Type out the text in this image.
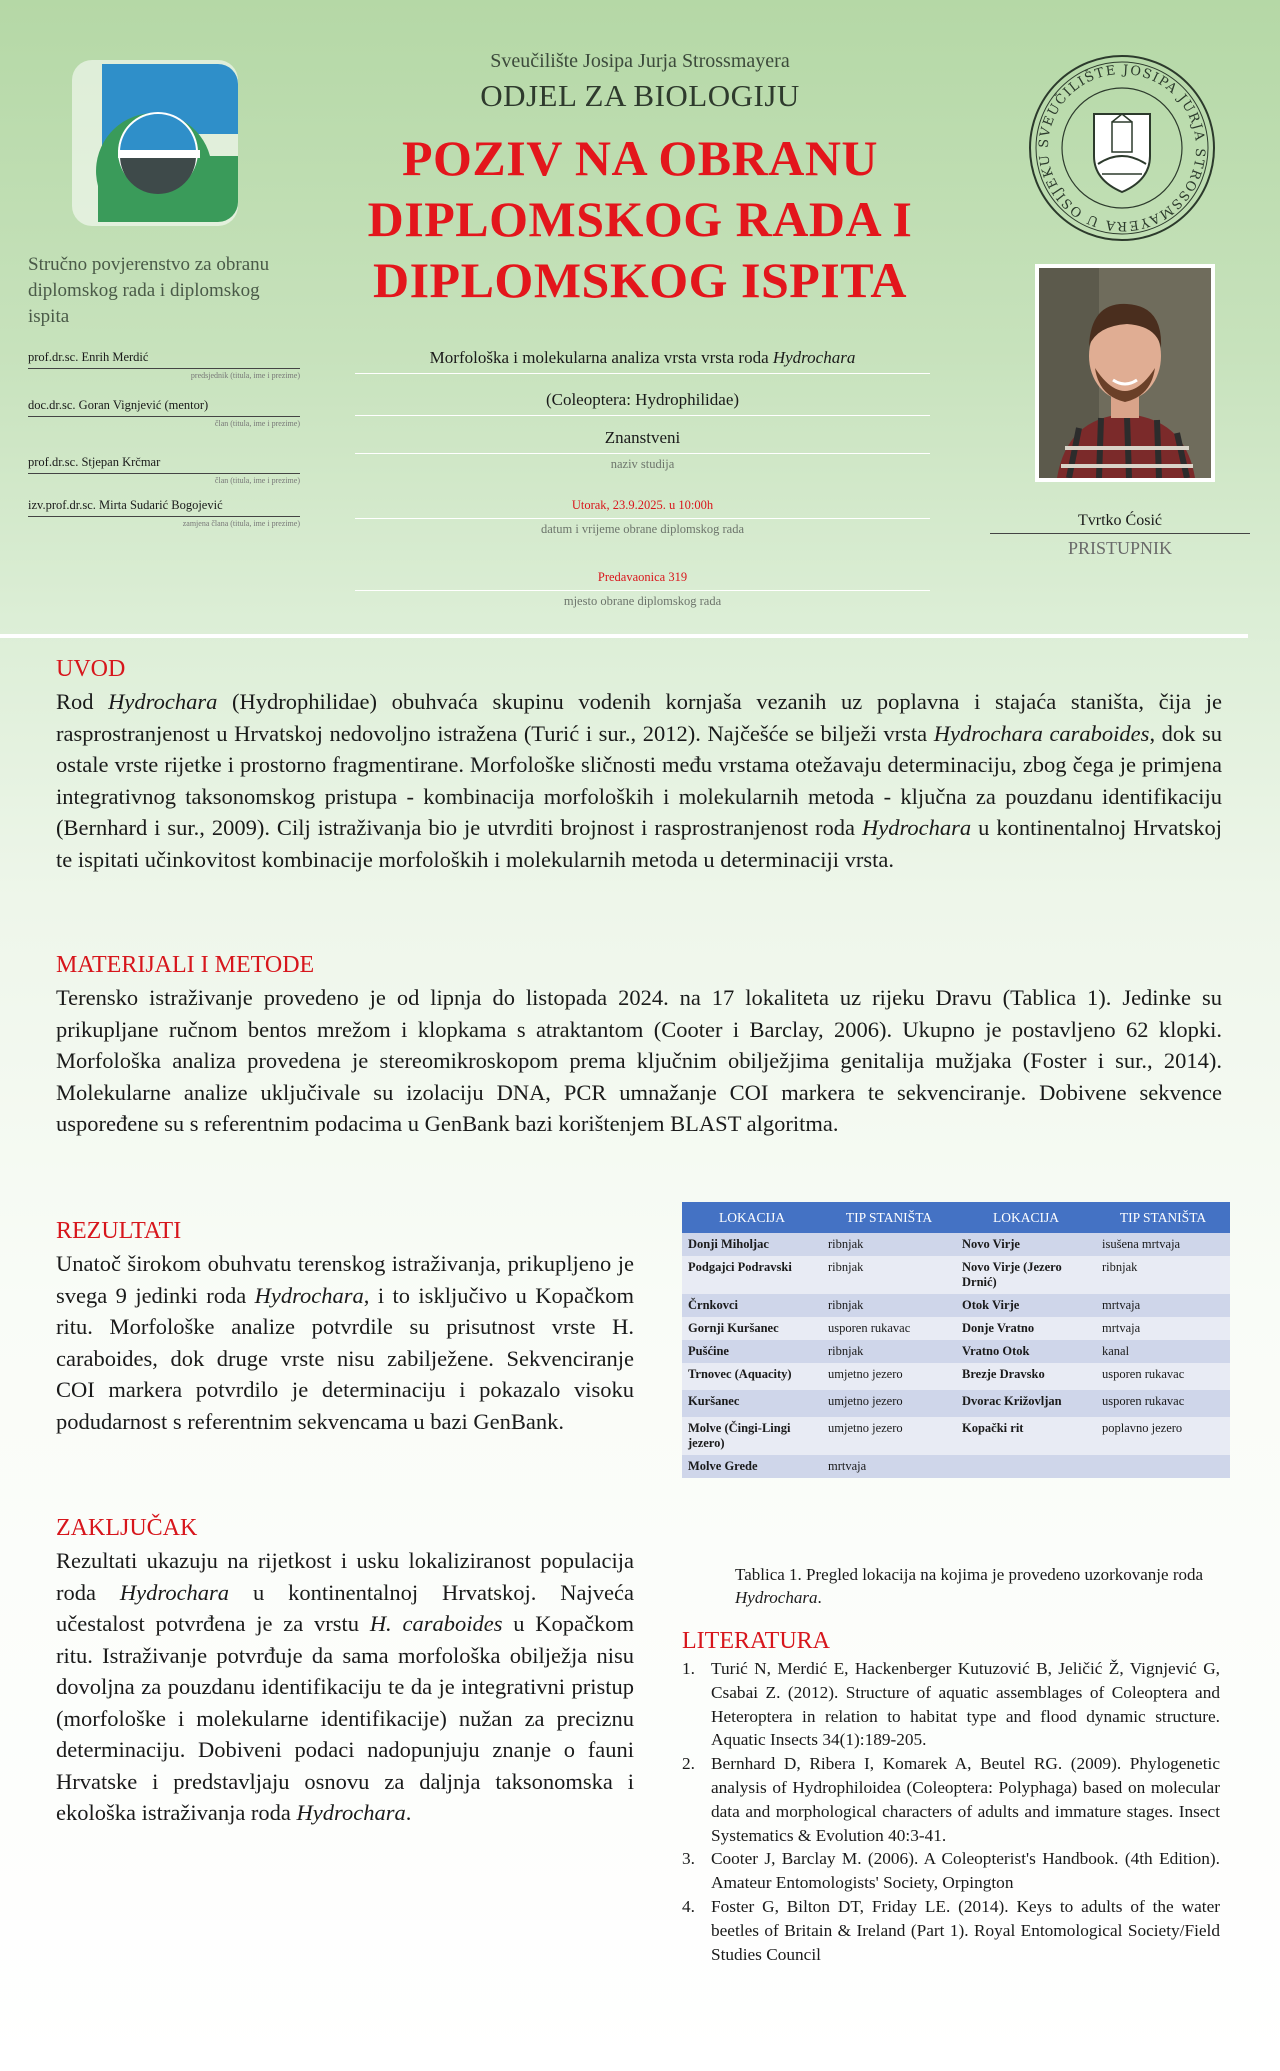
Stručno povjerenstvo za obranu diplomskog rada i diplomskog ispita
prof.dr.sc. Enrih Merdić
predsjednik (titula, ime i prezime)
doc.dr.sc. Goran Vignjević (mentor)
član (titula, ime i prezime)
prof.dr.sc. Stjepan Krčmar
član (titula, ime i prezime)
izv.prof.dr.sc. Mirta Sudarić Bogojević
zamjena člana (titula, ime i prezime)
Sveučilište Josipa Jurja Strossmayera
ODJEL ZA BIOLOGIJU
POZIV NA OBRANU
DIPLOMSKOG RADA I
DIPLOMSKOG ISPITA
Morfološka i molekularna analiza vrsta vrsta roda Hydrochara
(Coleoptera: Hydrophilidae)
Znanstveni
naziv studija
Utorak, 23.9.2025. u 10:00h
datum i vrijeme obrane diplomskog rada
Predavaonica 319
mjesto obrane diplomskog rada
SVEUČILIŠTE JOSIPA JURJA STROSSMAYERA U OSIJEKU
Tvrtko Ćosić
PRISTUPNIK
UVOD
Rod Hydrochara (Hydrophilidae) obuhvaća skupinu vodenih kornjaša vezanih uz poplavna i stajaća staništa, čija je rasprostranjenost u Hrvatskoj nedovoljno istražena (Turić i sur., 2012). Najčešće se bilježi vrsta Hydrochara caraboides, dok su ostale vrste rijetke i prostorno fragmentirane. Morfološke sličnosti među vrstama otežavaju determinaciju, zbog čega je primjena integrativnog taksonomskog pristupa - kombinacija morfoloških i molekularnih metoda - ključna za pouzdanu identifikaciju (Bernhard i sur., 2009). Cilj istraživanja bio je utvrditi brojnost i rasprostranjenost roda Hydrochara u kontinentalnoj Hrvatskoj te ispitati učinkovitost kombinacije morfoloških i molekularnih metoda u determinaciji vrsta.
MATERIJALI I METODE
Terensko istraživanje provedeno je od lipnja do listopada 2024. na 17 lokaliteta uz rijeku Dravu (Tablica 1). Jedinke su prikupljane ručnom bentos mrežom i klopkama s atraktantom (Cooter i Barclay, 2006). Ukupno je postavljeno 62 klopki. Morfološka analiza provedena je stereomikroskopom prema ključnim obilježjima genitalija mužjaka (Foster i sur., 2014). Molekularne analize uključivale su izolaciju DNA, PCR umnažanje COI markera te sekvenciranje. Dobivene sekvence uspoređene su s referentnim podacima u GenBank bazi korištenjem BLAST algoritma.
REZULTATI
Unatoč širokom obuhvatu terenskog istraživanja, prikupljeno je svega 9 jedinki roda Hydrochara, i to isključivo u Kopačkom ritu. Morfološke analize potvrdile su prisutnost vrste H. caraboides, dok druge vrste nisu zabilježene. Sekvenciranje COI markera potvrdilo je determinaciju i pokazalo visoku podudarnost s referentnim sekvencama u bazi GenBank.
ZAKLJUČAK
Rezultati ukazuju na rijetkost i usku lokaliziranost populacija roda Hydrochara u kontinentalnoj Hrvatskoj. Najveća učestalost potvrđena je za vrstu H. caraboides u Kopačkom ritu. Istraživanje potvrđuje da sama morfološka obilježja nisu dovoljna za pouzdanu identifikaciju te da je integrativni pristup (morfološke i molekularne identifikacije) nužan za preciznu determinaciju. Dobiveni podaci nadopunjuju znanje o fauni Hrvatske i predstavljaju osnovu za daljnja taksonomska i ekološka istraživanja roda Hydrochara.
LOKACIJA	TIP STANIŠTA	LOKACIJA	TIP STANIŠTA
Donji Miholjac	ribnjak	Novo Virje	isušena mrtvaja
Podgajci Podravski	ribnjak	Novo Virje (Jezero Drnić)	ribnjak
Črnkovci	ribnjak	Otok Virje	mrtvaja
Gornji Kuršanec	usporen rukavac	Donje Vratno	mrtvaja
Pušćine	ribnjak	Vratno Otok	kanal
Trnovec (Aquacity)	umjetno jezero	Brezje Dravsko	usporen rukavac
Kuršanec	umjetno jezero	Dvorac Križovljan	usporen rukavac
Molve (Čingi-Lingi jezero)	umjetno jezero	Kopački rit	poplavno jezero
Molve Grede	mrtvaja		
Tablica 1. Pregled lokacija na kojima je provedeno uzorkovanje roda Hydrochara.
LITERATURA
1. Turić N, Merdić E, Hackenberger Kutuzović B, Jeličić Ž, Vignjević G, Csabai Z. (2012). Structure of aquatic assemblages of Coleoptera and Heteroptera in relation to habitat type and flood dynamic structure. Aquatic Insects 34(1):189-205.
2. Bernhard D, Ribera I, Komarek A, Beutel RG. (2009). Phylogenetic analysis of Hydrophiloidea (Coleoptera: Polyphaga) based on molecular data and morphological characters of adults and immature stages. Insect Systematics & Evolution 40:3-41.
3. Cooter J, Barclay M. (2006). A Coleopterist's Handbook. (4th Edition). Amateur Entomologists' Society, Orpington
4. Foster G, Bilton DT, Friday LE. (2014). Keys to adults of the water beetles of Britain & Ireland (Part 1). Royal Entomological Society/Field Studies Council
